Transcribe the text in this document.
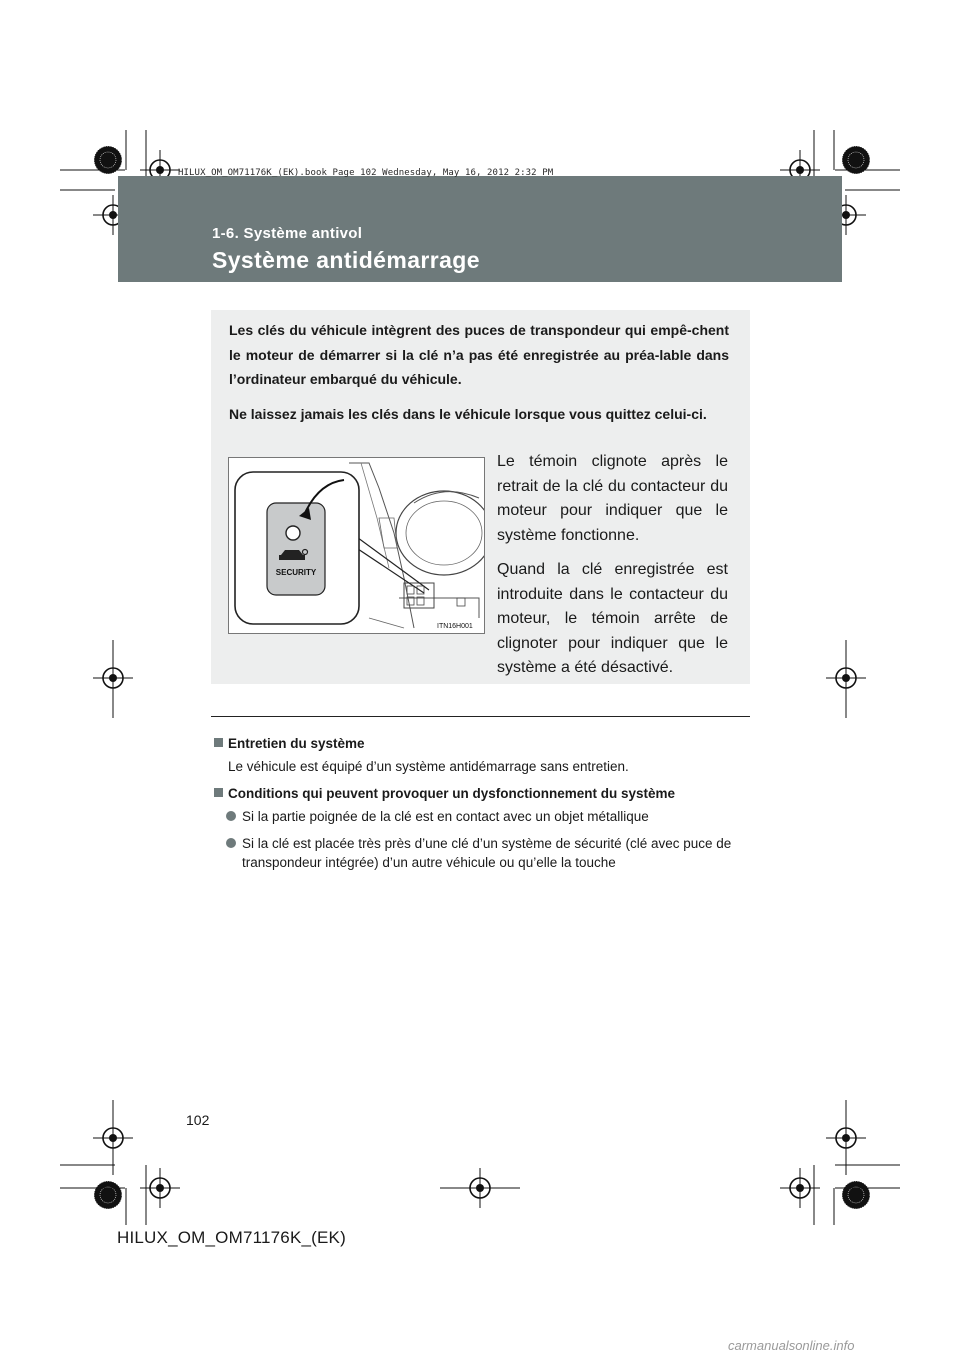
HILUX_OM_OM71176K_(EK).book Page 102 Wednesday, May 16, 2012 2:32 PM
1-6. Système antivol
Système antidémarrage

Les clés du véhicule intègrent des puces de transpondeur qui empê-chent le moteur de démarrer si la clé n’a pas été enregistrée au préa-lable dans l’ordinateur embarqué du véhicule.

Ne laissez jamais les clés dans le véhicule lorsque vous quittez celui-ci.

SECURITY
ITN16H001

Le témoin clignote après le retrait de la clé du contacteur du moteur pour indiquer que le système fonctionne.

Quand la clé enregistrée est introduite dans le contacteur du moteur, le témoin arrête de clignoter pour indiquer que le système a été désactivé.

Entretien du système
Le véhicule est équipé d’un système antidémarrage sans entretien.
Conditions qui peuvent provoquer un dysfonctionnement du système
Si la partie poignée de la clé est en contact avec un objet métallique
Si la clé est placée très près d’une clé d’un système de sécurité (clé avec puce de transpondeur intégrée) d’un autre véhicule ou qu’elle la touche
102
HILUX_OM_OM71176K_(EK)
carmanualsonline.info
